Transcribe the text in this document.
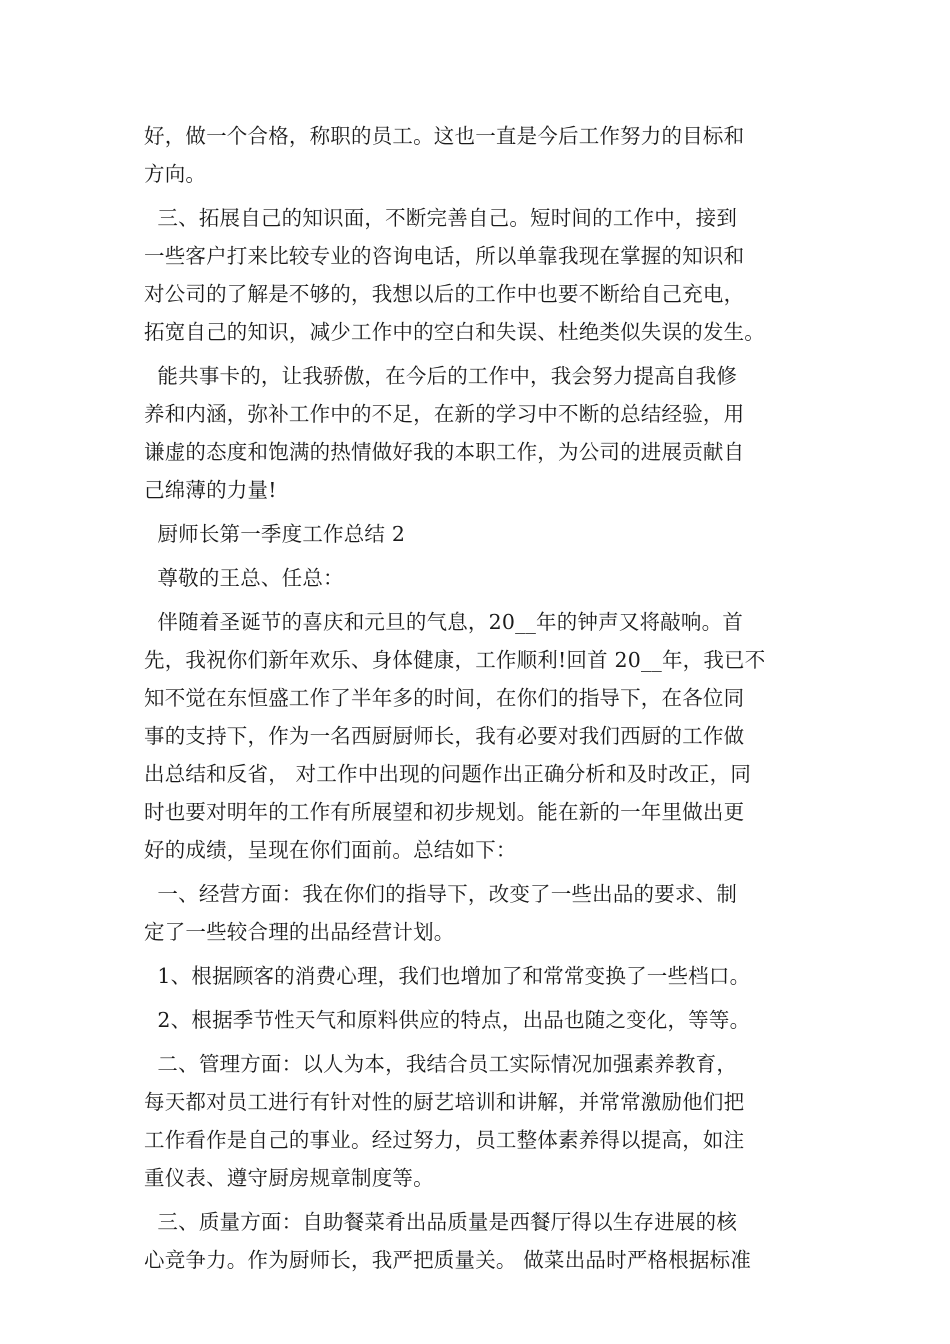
好，做一个合格，称职的员工。这也一直是今后工作努力的目标和
方向。
三、拓展自己的知识面，不断完善自己。短时间的工作中，接到
一些客户打来比较专业的咨询电话，所以单靠我现在掌握的知识和
对公司的了解是不够的，我想以后的工作中也要不断给自己充电，
拓宽自己的知识，减少工作中的空白和失误、杜绝类似失误的发生。
能共事卡的，让我骄傲，在今后的工作中，我会努力提高自我修
养和内涵，弥补工作中的不足，在新的学习中不断的总结经验，用
谦虚的态度和饱满的热情做好我的本职工作，为公司的进展贡献自
己绵薄的力量!
厨师长第一季度工作总结 2
尊敬的王总、任总：
伴随着圣诞节的喜庆和元旦的气息，20__年的钟声又将敲响。首
先，我祝你们新年欢乐、身体健康，工作顺利!回首 20__年，我已不
知不觉在东恒盛工作了半年多的时间，在你们的指导下，在各位同
事的支持下，作为一名西厨厨师长，我有必要对我们西厨的工作做
出总结和反省， 对工作中出现的问题作出正确分析和及时改正，同
时也要对明年的工作有所展望和初步规划。能在新的一年里做出更
好的成绩，呈现在你们面前。总结如下：
一、经营方面：我在你们的指导下，改变了一些出品的要求、制
定了一些较合理的出品经营计划。
1、根据顾客的消费心理，我们也增加了和常常变换了一些档口。
2、根据季节性天气和原料供应的特点，出品也随之变化，等等。
二、管理方面：以人为本，我结合员工实际情况加强素养教育，
每天都对员工进行有针对性的厨艺培训和讲解，并常常激励他们把
工作看作是自己的事业。经过努力，员工整体素养得以提高，如注
重仪表、遵守厨房规章制度等。
三、质量方面：自助餐菜肴出品质量是西餐厅得以生存进展的核
心竞争力。作为厨师长，我严把质量关。 做菜出品时严格根据标准
